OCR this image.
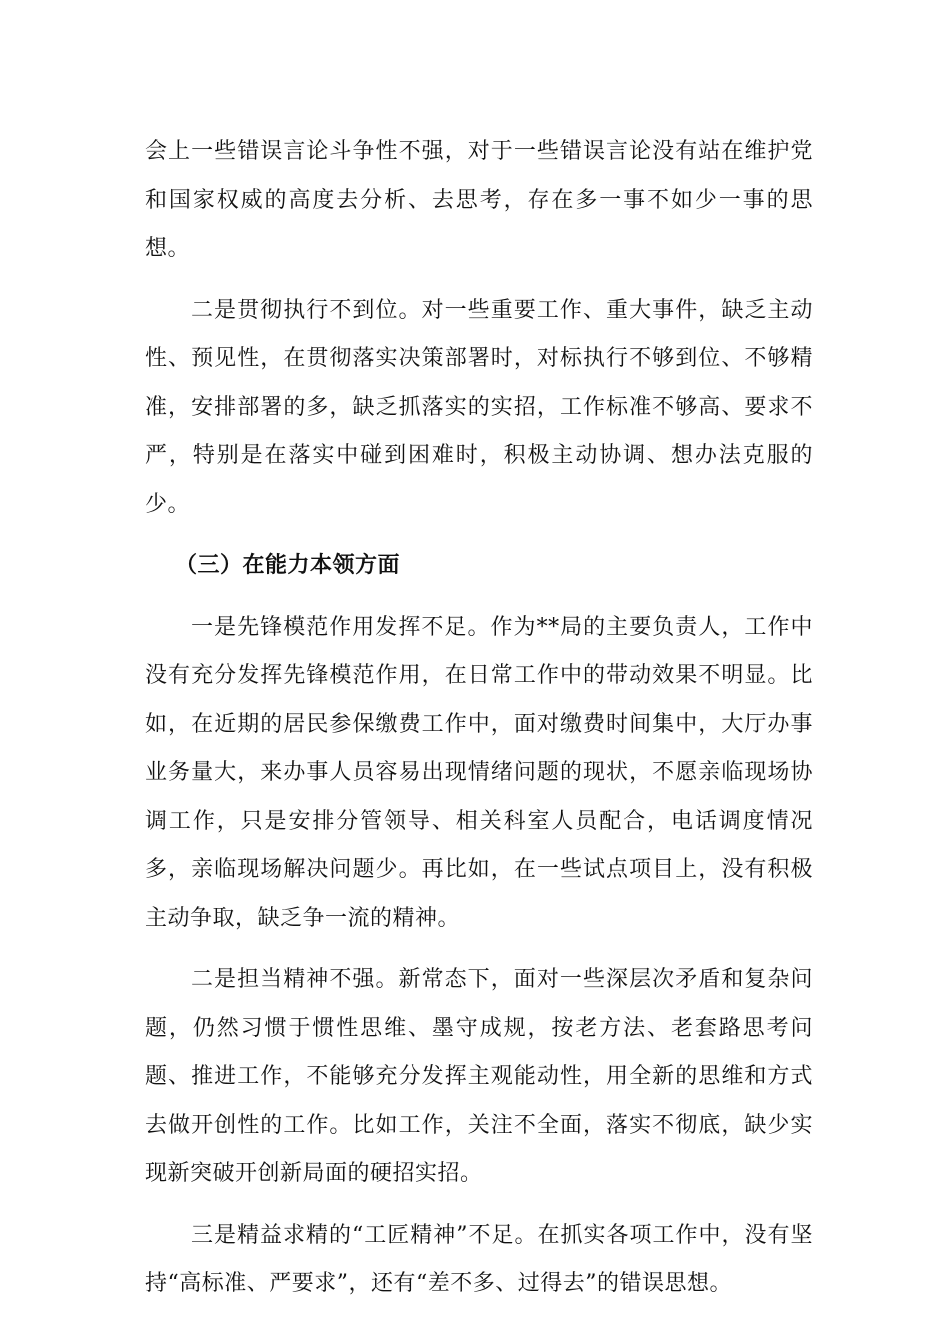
会上一些错误言论斗争性不强，对于一些错误言论没有站在维护党和国家权威的高度去分析、去思考，存在多一事不如少一事的思想。

二是贯彻执行不到位。对一些重要工作、重大事件，缺乏主动性、预见性，在贯彻落实决策部署时，对标执行不够到位、不够精准，安排部署的多，缺乏抓落实的实招，工作标准不够高、要求不严，特别是在落实中碰到困难时，积极主动协调、想办法克服的少。

（三）在能力本领方面

一是先锋模范作用发挥不足。作为**局的主要负责人，工作中没有充分发挥先锋模范作用，在日常工作中的带动效果不明显。比如，在近期的居民参保缴费工作中，面对缴费时间集中，大厅办事业务量大，来办事人员容易出现情绪问题的现状，不愿亲临现场协调工作，只是安排分管领导、相关科室人员配合，电话调度情况多，亲临现场解决问题少。再比如，在一些试点项目上，没有积极主动争取，缺乏争一流的精神。

二是担当精神不强。新常态下，面对一些深层次矛盾和复杂问题，仍然习惯于惯性思维、墨守成规，按老方法、老套路思考问题、推进工作，不能够充分发挥主观能动性，用全新的思维和方式去做开创性的工作。比如工作，关注不全面，落实不彻底，缺少实现新突破开创新局面的硬招实招。

三是精益求精的“工匠精神”不足。在抓实各项工作中，没有坚持“高标准、严要求”，还有“差不多、过得去”的错误思想。
